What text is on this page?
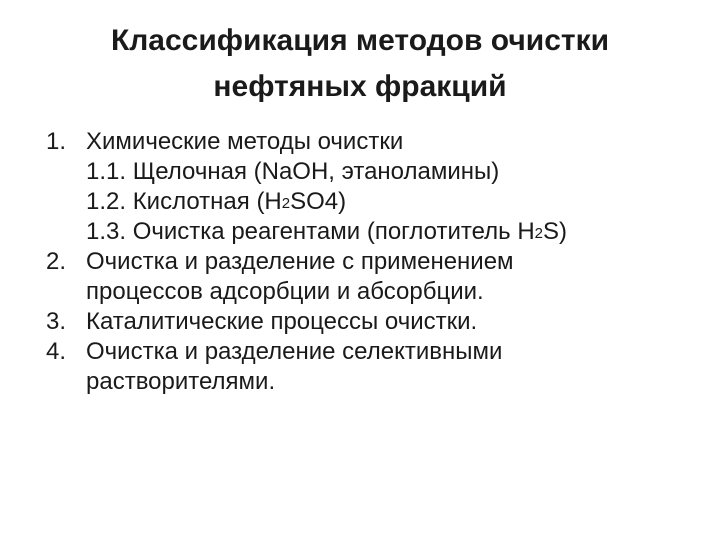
Классификация методов очистки
нефтяных фракций
1. Химические методы очистки
1.1. Щелочная (NaOH, этаноламины)
1.2. Кислотная (H2SO4)
1.3. Очистка реагентами (поглотитель H2S)
2. Очистка и разделение с применением
процессов адсорбции и абсорбции.
3. Каталитические процессы очистки.
4. Очистка и разделение селективными
растворителями.
